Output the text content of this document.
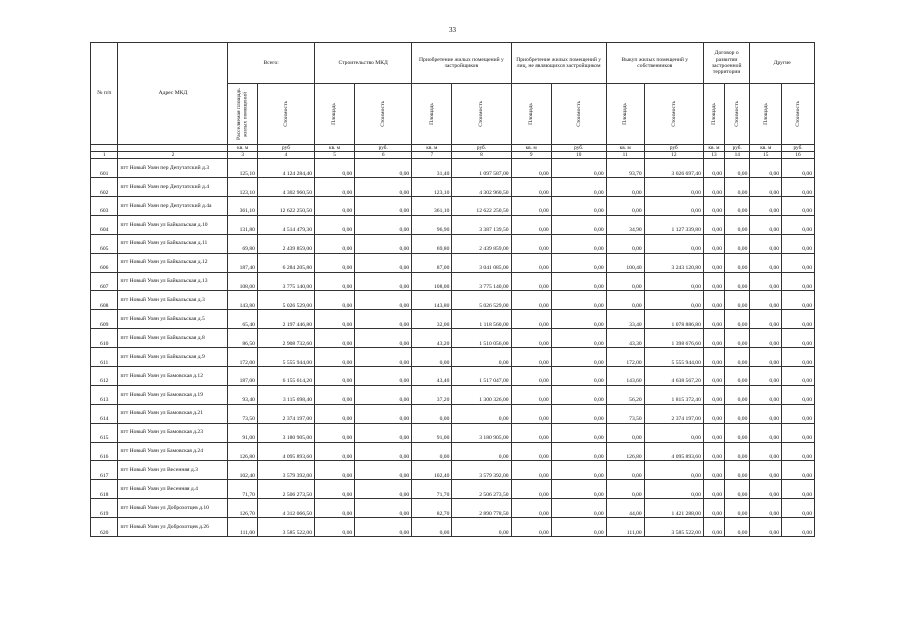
33
№ п/п	Адрес МКД	Всего:		Строительство МКД		Приобретение жилых помещений у застройщиков		Приобретение жилых помещений у лиц, не являющихся застройщиком		Выкуп жилых помещений у собственников		Договор о развитии застроенной территории		Другие	

		Расселяемая площадь жилых помещений	Стоимость	Площадь	Стоимость	Площадь	Стоимость	Площадь	Стоимость	Площадь	Стоимость	Площадь	Стоимость	Площадь	Стоимость

		кв. м	руб	кв. м	руб.	кв. м	руб.	кв. м	руб.	кв. м	руб	кв. м	руб.	кв. м	руб.
1	2	3	4	5	6	7	8	9	10	11	12	13	14	15	16
601	пгт Новый Уоян пер Депутатский д.3	125,10	4 124 284,40	0,00	0,00	31,40	1 097 587,00	0,00	0,00	93,70	3 026 697,40	0,00	0,00	0,00	0,00
602	пгт Новый Уоян пер Депутатский д.4	123,10	4 302 960,50	0,00	0,00	123,10	4 302 960,50	0,00	0,00	0,00	0,00	0,00	0,00	0,00	0,00
603	пгт Новый Уоян пер Депутатский д.4а	361,10	12 622 250,50	0,00	0,00	361,10	12 622 250,50	0,00	0,00	0,00	0,00	0,00	0,00	0,00	0,00
604	пгт Новый Уоян ул Байкальская д.10	131,80	4 514 479,30	0,00	0,00	96,90	3 387 139,50	0,00	0,00	34,90	1 127 339,80	0,00	0,00	0,00	0,00
605	пгт Новый Уоян ул Байкальская д.11	69,80	2 439 859,00	0,00	0,00	69,80	2 439 859,00	0,00	0,00	0,00	0,00	0,00	0,00	0,00	0,00
606	пгт Новый Уоян ул Байкальская д.12	187,40	6 284 205,80	0,00	0,00	87,00	3 041 085,00	0,00	0,00	100,40	3 243 120,80	0,00	0,00	0,00	0,00
607	пгт Новый Уоян ул Байкальская д.13	108,00	3 775 140,00	0,00	0,00	108,00	3 775 140,00	0,00	0,00	0,00	0,00	0,00	0,00	0,00	0,00
608	пгт Новый Уоян ул Байкальская д.3	143,80	5 026 529,00	0,00	0,00	143,80	5 026 529,00	0,00	0,00	0,00	0,00	0,00	0,00	0,00	0,00
609	пгт Новый Уоян ул Байкальская д.5	65,40	2 197 446,80	0,00	0,00	32,00	1 118 560,00	0,00	0,00	33,40	1 078 886,80	0,00	0,00	0,00	0,00
610	пгт Новый Уоян ул Байкальская д.8	86,50	2 908 732,60	0,00	0,00	43,20	1 510 056,00	0,00	0,00	43,30	1 398 676,60	0,00	0,00	0,00	0,00
611	пгт Новый Уоян ул Байкальская д.9	172,00	5 555 944,00	0,00	0,00	0,00	0,00	0,00	0,00	172,00	5 555 944,00	0,00	0,00	0,00	0,00
612	пгт Новый Уоян ул Бамовская д.12	187,00	6 155 614,20	0,00	0,00	43,40	1 517 047,00	0,00	0,00	143,60	4 638 567,20	0,00	0,00	0,00	0,00
613	пгт Новый Уоян ул Бамовская д.19	93,40	3 115 698,40	0,00	0,00	37,20	1 300 326,00	0,00	0,00	56,20	1 815 372,40	0,00	0,00	0,00	0,00
614	пгт Новый Уоян ул Бамовская д.21	73,50	2 374 197,00	0,00	0,00	0,00	0,00	0,00	0,00	73,50	2 374 197,00	0,00	0,00	0,00	0,00
615	пгт Новый Уоян ул Бамовская д.23	91,00	3 180 905,00	0,00	0,00	91,00	3 180 905,00	0,00	0,00	0,00	0,00	0,00	0,00	0,00	0,00
616	пгт Новый Уоян ул Бамовская д.24	126,80	4 095 893,60	0,00	0,00	0,00	0,00	0,00	0,00	126,80	4 095 893,60	0,00	0,00	0,00	0,00
617	пгт Новый Уоян ул Весенняя д.3	102,40	3 579 392,00	0,00	0,00	102,40	3 579 392,00	0,00	0,00	0,00	0,00	0,00	0,00	0,00	0,00
618	пгт Новый Уоян ул Весенняя д.4	71,70	2 506 273,50	0,00	0,00	71,70	2 506 273,50	0,00	0,00	0,00	0,00	0,00	0,00	0,00	0,00
619	пгт Новый Уоян ул Доброхотцев д.10	126,70	4 312 066,50	0,00	0,00	82,70	2 890 778,50	0,00	0,00	44,00	1 421 288,00	0,00	0,00	0,00	0,00
620	пгт Новый Уоян ул Доброхотцев д.26	111,00	3 585 522,00	0,00	0,00	0,00	0,00	0,00	0,00	111,00	3 585 522,00	0,00	0,00	0,00	0,00
